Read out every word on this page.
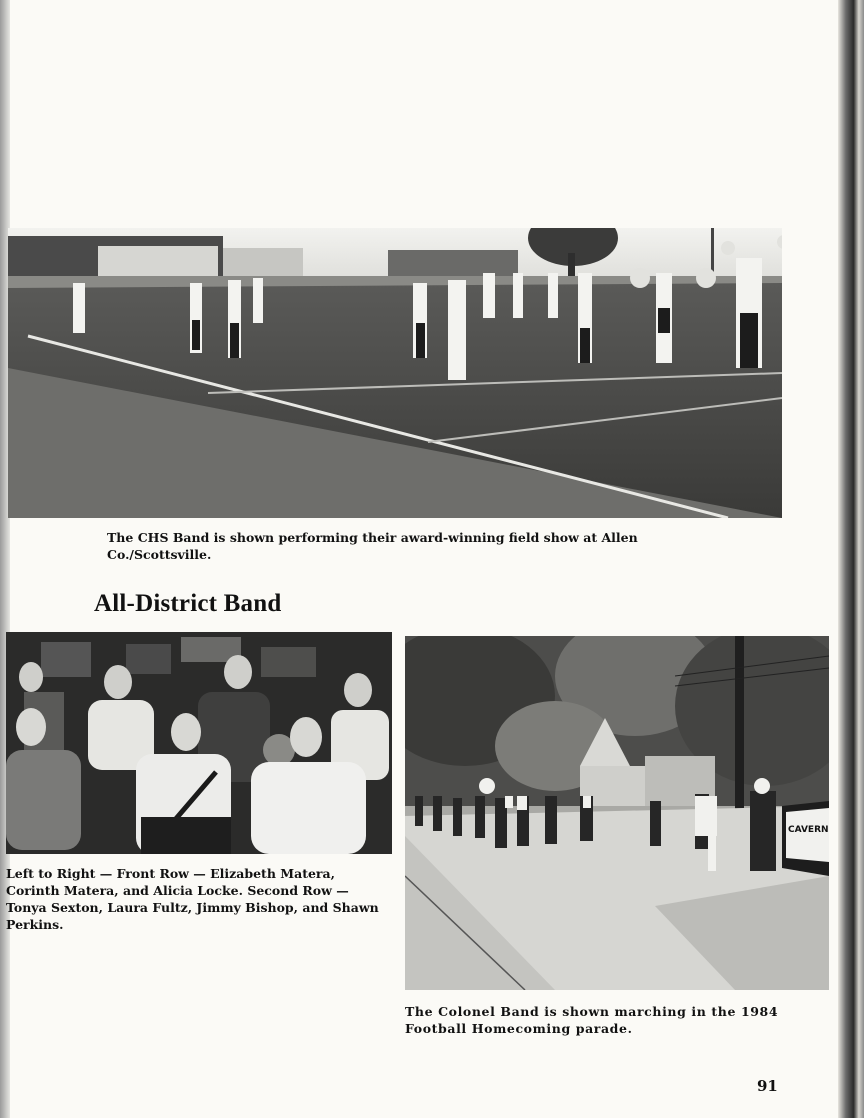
The CHS Band is shown performing their award-winning field show at Allen Co./Scottsville.
All-District Band
Left to Right — Front Row — Elizabeth Matera, Corinth Matera, and Alicia Locke. Second Row — Tonya Sexton, Laura Fultz, Jimmy Bishop, and Shawn Perkins.
CAVERN
The Colonel Band is shown marching in the 1984 Football Homecoming parade.
91
